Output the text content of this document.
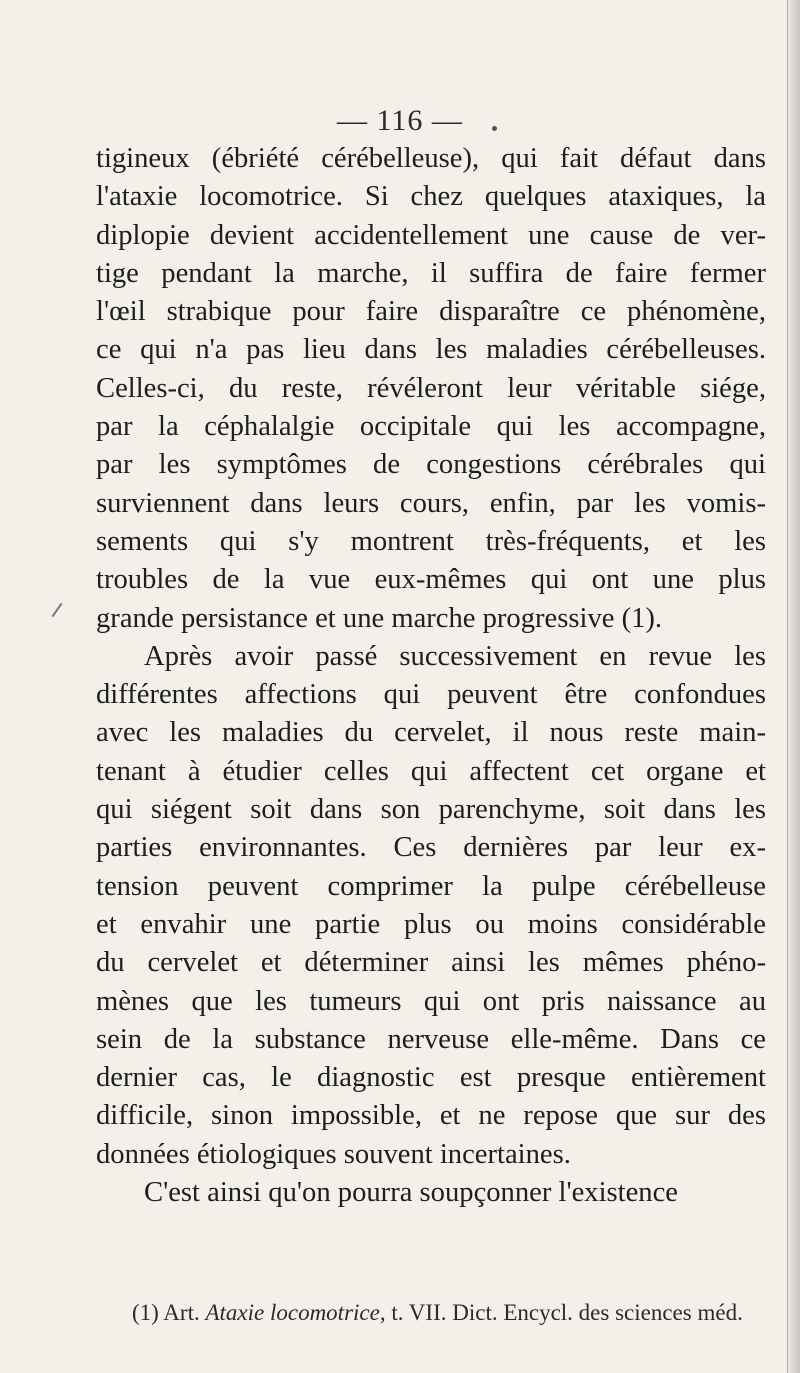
— 116 —
tigineux (ébriété cérébelleuse), qui fait défaut dans
l'ataxie locomotrice. Si chez quelques ataxiques, la
diplopie devient accidentellement une cause de ver-
tige pendant la marche, il suffira de faire fermer
l'œil strabique pour faire disparaître ce phénomène,
ce qui n'a pas lieu dans les maladies cérébelleuses.
Celles-ci, du reste, révéleront leur véritable siége,
par la céphalalgie occipitale qui les accompagne,
par les symptômes de congestions cérébrales qui
surviennent dans leurs cours, enfin, par les vomis-
sements qui s'y montrent très-fréquents, et les
troubles de la vue eux-mêmes qui ont une plus
grande persistance et une marche progressive (1).
Après avoir passé successivement en revue les
différentes affections qui peuvent être confondues
avec les maladies du cervelet, il nous reste main-
tenant à étudier celles qui affectent cet organe et
qui siégent soit dans son parenchyme, soit dans les
parties environnantes. Ces dernières par leur ex-
tension peuvent comprimer la pulpe cérébelleuse
et envahir une partie plus ou moins considérable
du cervelet et déterminer ainsi les mêmes phéno-
mènes que les tumeurs qui ont pris naissance au
sein de la substance nerveuse elle-même. Dans ce
dernier cas, le diagnostic est presque entièrement
difficile, sinon impossible, et ne repose que sur des
données étiologiques souvent incertaines.
C'est ainsi qu'on pourra soupçonner l'existence
(1) Art. Ataxie locomotrice, t. VII. Dict. Encycl. des sciences méd.
